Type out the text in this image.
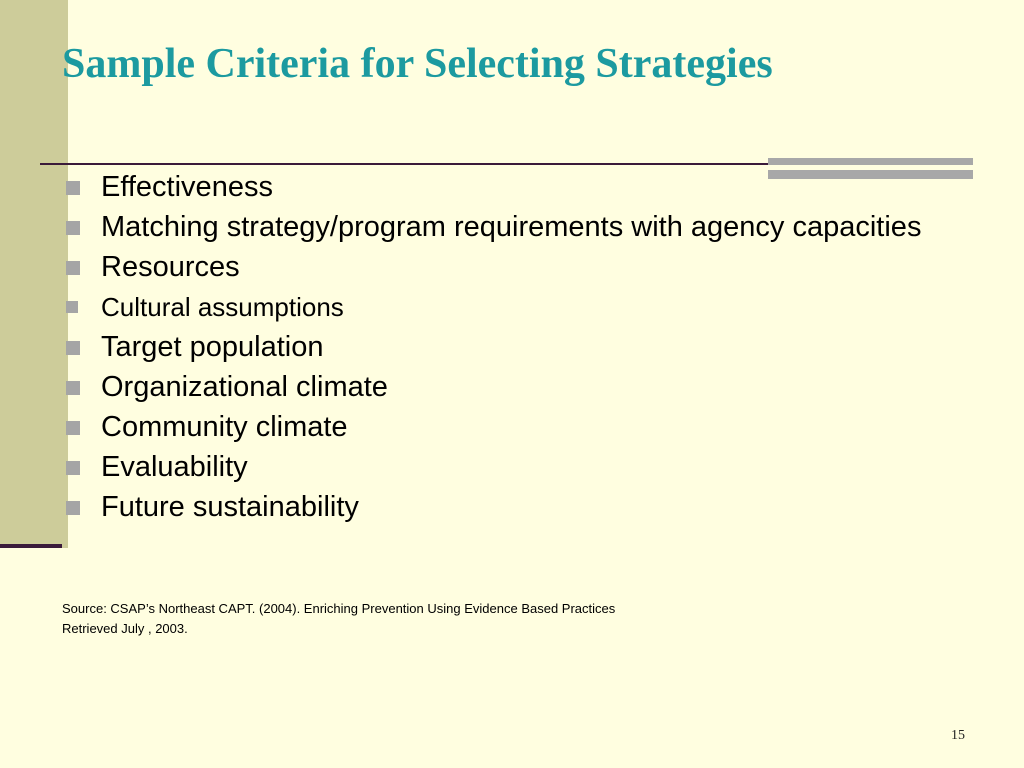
Sample Criteria for Selecting Strategies
Effectiveness
Matching strategy/program requirements with agency capacities
Resources
Cultural assumptions
Target population
Organizational climate
Community climate
Evaluability
Future sustainability
Source: CSAP’s Northeast CAPT. (2004). Enriching Prevention Using Evidence Based Practices
Retrieved July , 2003.
15
